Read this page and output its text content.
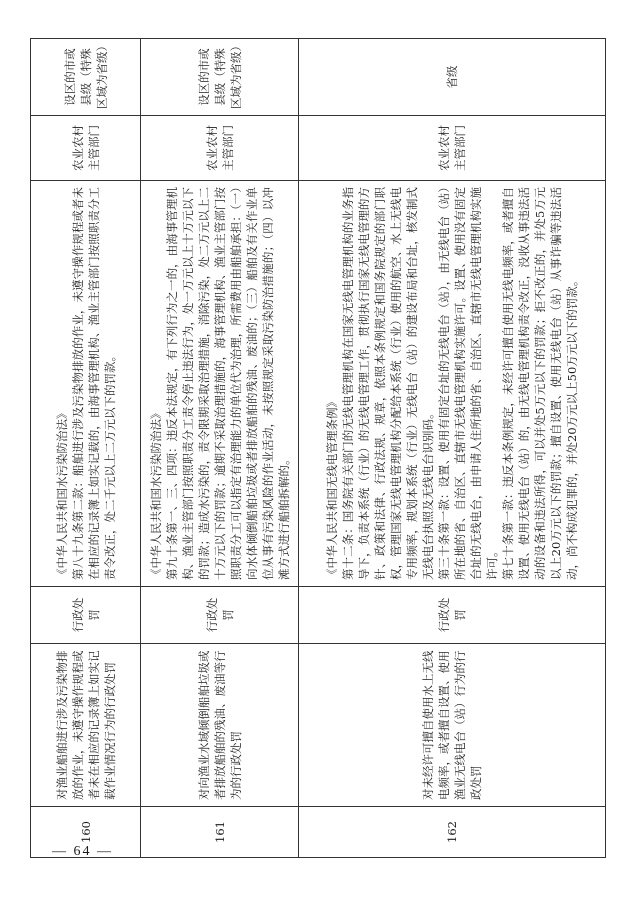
160	对渔业船舶进行涉及污染物排放的作业，未遵守操作规程或者未在相应的记录簿上如实记载作业情况行为的行政处罚	行政处罚	《中华人民共和国水污染防治法》 第八十九条第二款：船舶进行涉及污染物排放的作业，未遵守操作规程或者未在相应的记录簿上如实记载的，由海事管理机构、渔业主管部门按照职责分工责令改正，处二千元以上二万元以下的罚款。	农业农村主管部门	设区的市或县级（特殊区域为省级）
161	对向渔业水域倾倒船舶垃圾或者排放船舶的残油、废油等行为的行政处罚	行政处罚	《中华人民共和国水污染防治法》 第九十条第一、三、四项：违反本法规定，有下列行为之一的，由海事管理机构、渔业主管部门按照职责分工责令停止违法行为，处一万元以上十万元以下的罚款；造成水污染的，责令限期采取治理措施，消除污染，处二万元以上二十万元以下的罚款；逾期不采取治理措施的，海事管理机构、渔业主管部门按照职责分工可以指定有治理能力的单位代为治理，所需费用由船舶承担：（一）向水体倾倒船舶垃圾或者排放船舶的残油、废油的；（三）船舶及有关作业单位从事有污染风险的作业活动，未按照规定采取污染防治措施的；（四）以冲滩方式进行船舶拆解的。	农业农村主管部门	设区的市或县级（特殊区域为省级）
162	对未经许可擅自使用水上无线电频率，或者擅自设置、使用渔业无线电台（站）行为的行政处罚	行政处罚	《中华人民共和国无线电管理条例》 第十二条：国务院有关部门的无线电管理机构在国家无线电管理机构的业务指导下，负责本系统（行业）的无线电管理工作，贯彻执行国家无线电管理的方针、政策和法律、行政法规、规章，依照本条例规定和国务院规定的部门职权，管理国家无线电管理机构分配给本系统（行业）使用的航空、水上无线电专用频率，规划本系统（行业）无线电台（站）的建设布局和台址，核发制式无线电台执照及无线电台识别码。 第三十条第一款：设置、使用有固定台址的无线电台（站），由无线电台（站）所在地的省、自治区、直辖市无线电管理机构实施许可。设置、使用没有固定台址的无线电台，由申请人住所地的省、自治区、直辖市无线电管理机构实施许可。 第七十条第一款：违反本条例规定，未经许可擅自使用无线电频率，或者擅自设置、使用无线电台（站）的，由无线电管理机构责令改正，没收从事违法活动的设备和违法所得，可以并处5万元以下的罚款；拒不改正的，并处5万元以上20万元以下的罚款；擅自设置、使用无线电台（站）从事诈骗等违法活动，尚不构成犯罪的，并处20万元以上50万元以下的罚款。	农业农村主管部门	省级
— 64 —
